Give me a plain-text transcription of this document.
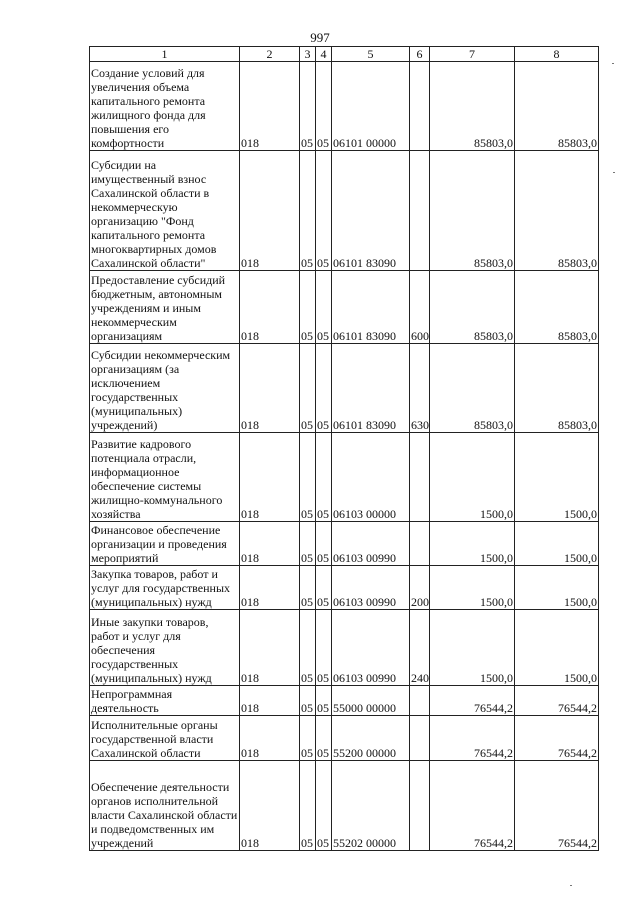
997
1	2	3	4	5	6	7	8
Создание условий для увеличения объема капитального ремонта жилищного фонда для повышения его комфортности	018	05	05	06101 00000		85803,0	85803,0
Субсидии на имущественный взнос Сахалинской области в некоммерческую организацию "Фонд капитального ремонта многоквартирных домов Сахалинской области"	018	05	05	06101 83090		85803,0	85803,0
Предоставление субсидий бюджетным, автономным учреждениям и иным некоммерческим организациям	018	05	05	06101 83090	600	85803,0	85803,0
Субсидии некоммерческим организациям (за исключением государственных (муниципальных) учреждений)	018	05	05	06101 83090	630	85803,0	85803,0
Развитие кадрового потенциала отрасли, информационное обеспечение системы жилищно-коммунального хозяйства	018	05	05	06103 00000		1500,0	1500,0
Финансовое обеспечение организации и проведения мероприятий	018	05	05	06103 00990		1500,0	1500,0
Закупка товаров, работ и услуг для государственных (муниципальных) нужд	018	05	05	06103 00990	200	1500,0	1500,0
Иные закупки товаров, работ и услуг для обеспечения государственных (муниципальных) нужд	018	05	05	06103 00990	240	1500,0	1500,0
Непрограммная деятельность	018	05	05	55000 00000		76544,2	76544,2
Исполнительные органы государственной власти Сахалинской области	018	05	05	55200 00000		76544,2	76544,2
Обеспечение деятельности органов исполнительной власти Сахалинской области и подведомственных им учреждений	018	05	05	55202 00000		76544,2	76544,2
